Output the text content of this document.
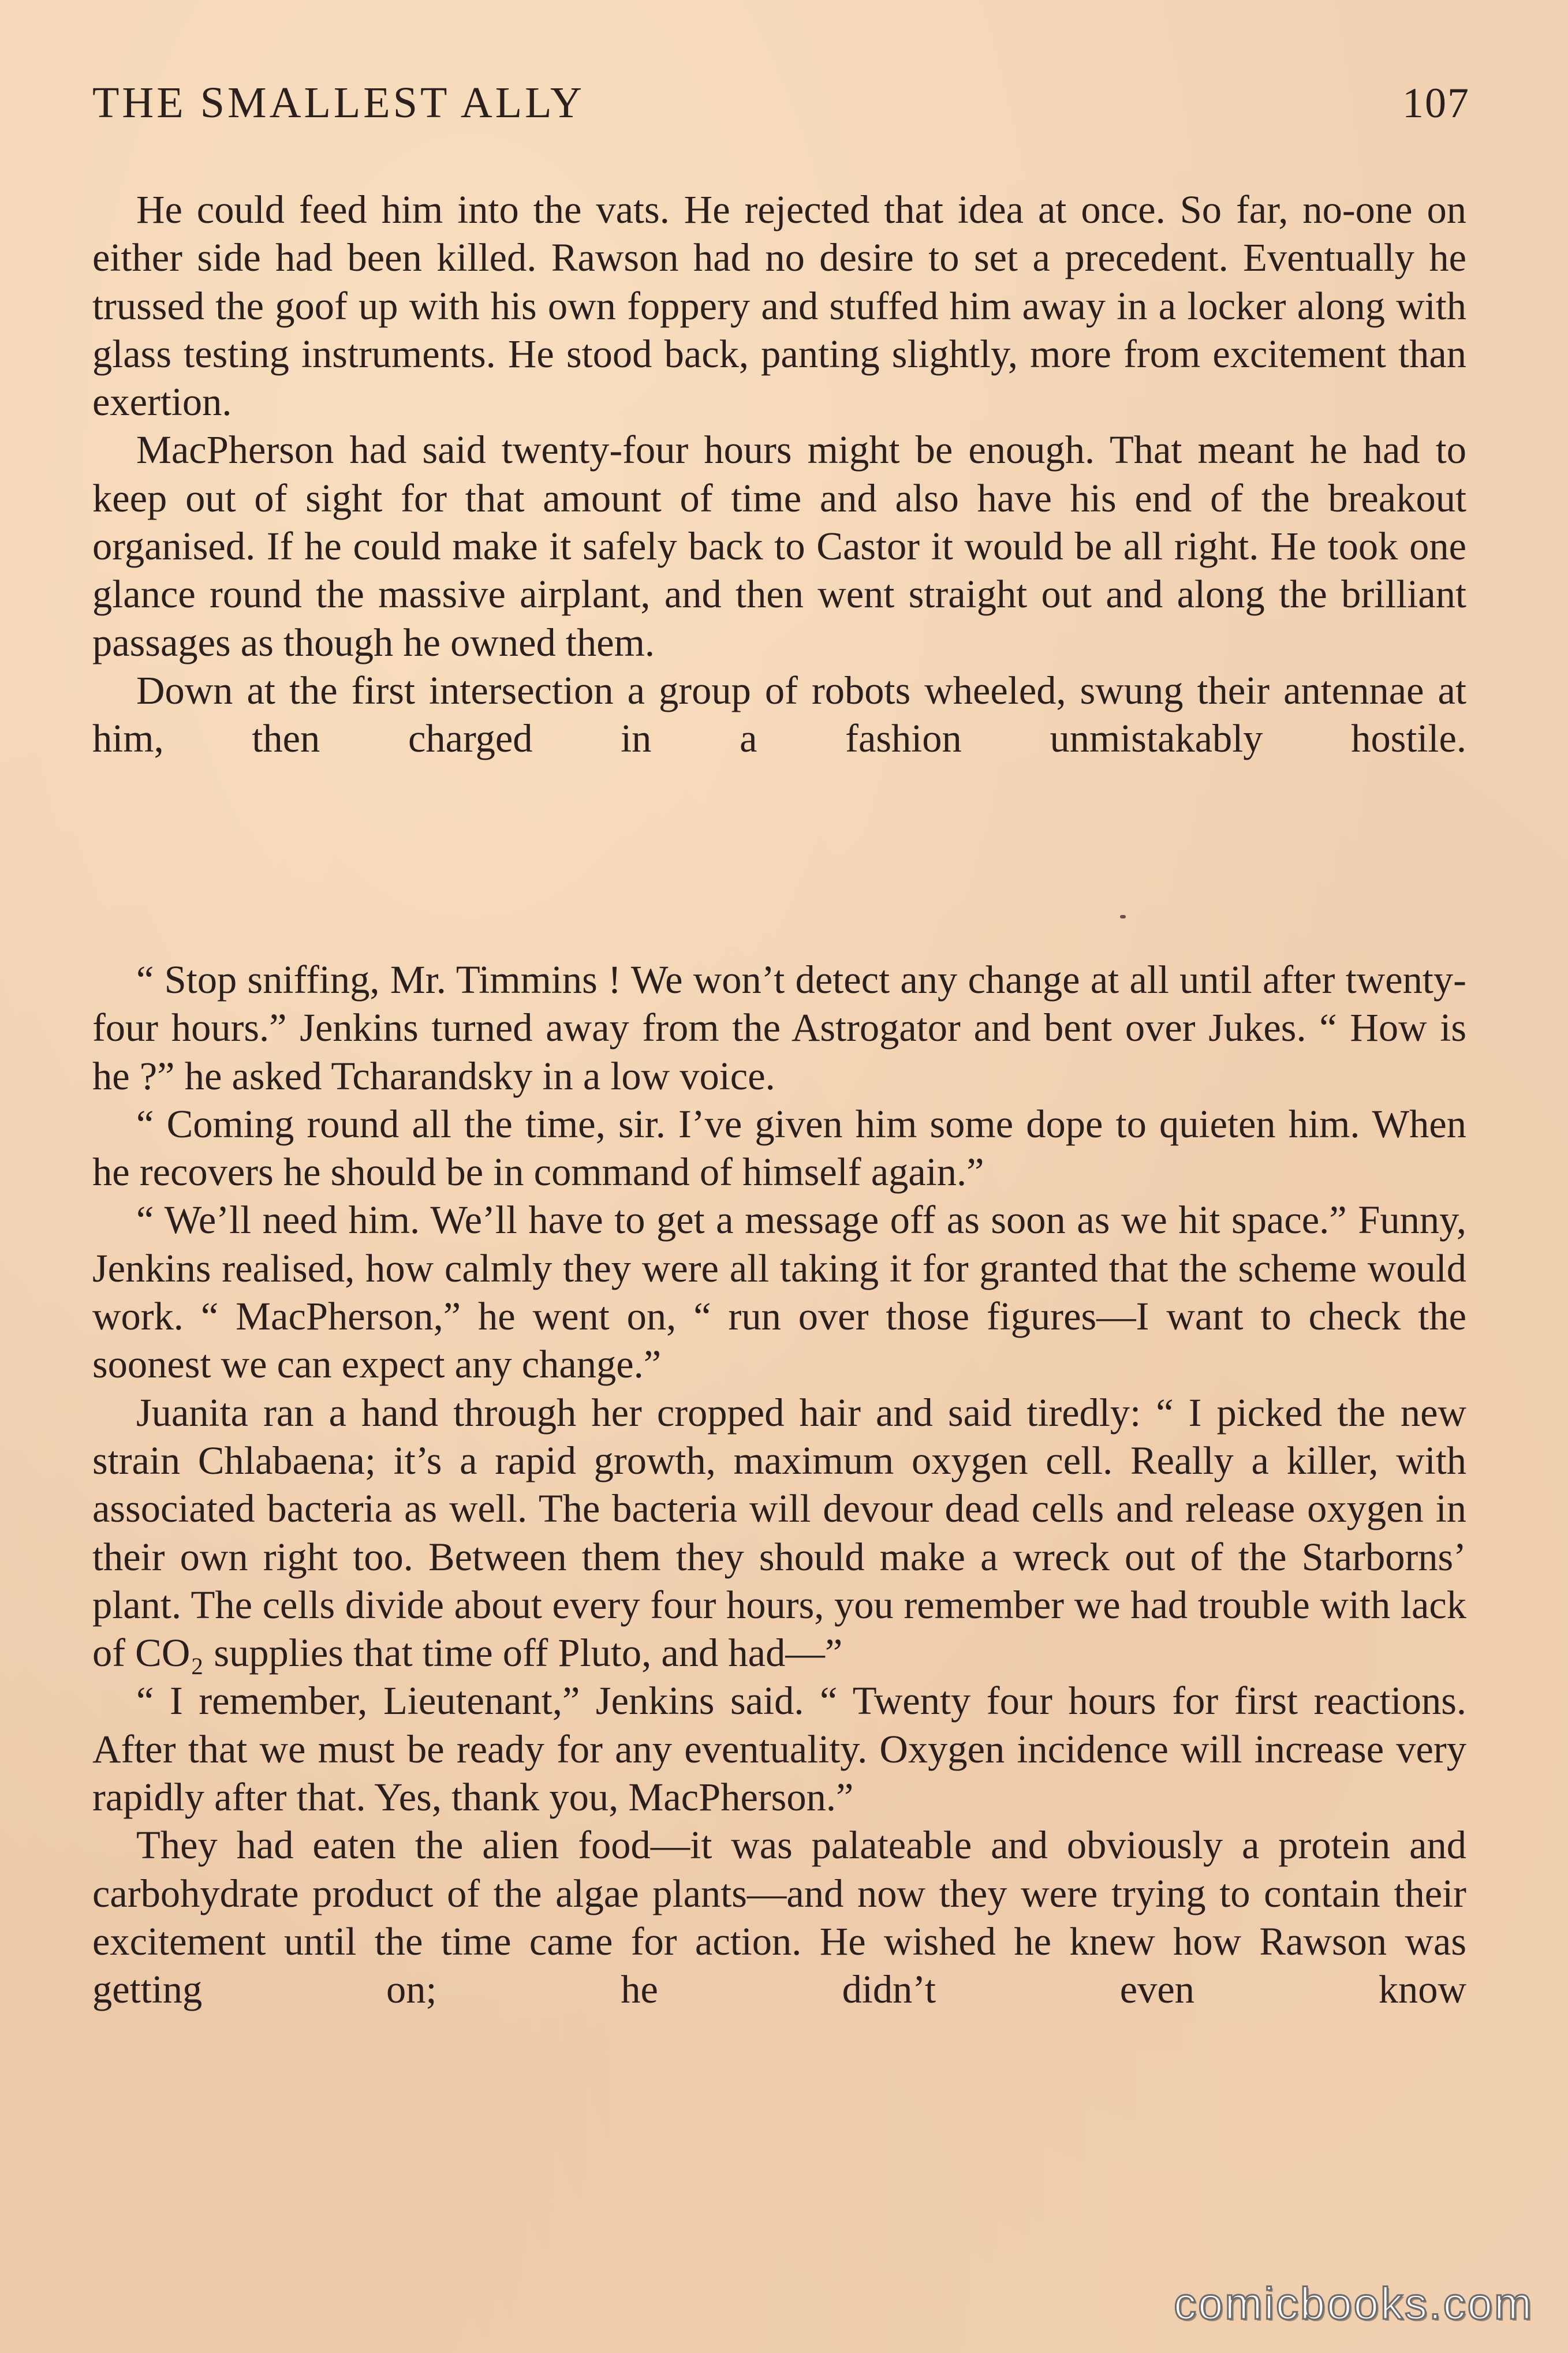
THE SMALLEST ALLY	107

He could feed him into the vats. He rejected that idea at once. So far, no-one on either side had been killed. Rawson had no desire to set a precedent. Eventually he trussed the goof up with his own foppery and stuffed him away in a locker along with glass testing instruments. He stood back, panting slightly, more from excitement than exertion.

MacPherson had said twenty-four hours might be enough. That meant he had to keep out of sight for that amount of time and also have his end of the breakout organised. If he could make it safely back to Castor it would be all right. He took one glance round the massive airplant, and then went straight out and along the brilliant passages as though he owned them.

Down at the first intersection a group of robots wheeled, swung their antennae at him, then charged in a fashion unmistakably hostile.

“ Stop sniffing, Mr. Timmins ! We won’t detect any change at all until after twenty-four hours.” Jenkins turned away from the Astrogator and bent over Jukes. “ How is he ?” he asked Tcharandsky in a low voice.

“ Coming round all the time, sir. I’ve given him some dope to quieten him. When he recovers he should be in command of himself again.”

“ We’ll need him. We’ll have to get a message off as soon as we hit space.” Funny, Jenkins realised, how calmly they were all taking it for granted that the scheme would work. “ MacPherson,” he went on, “ run over those figures—I want to check the soonest we can expect any change.”

Juanita ran a hand through her cropped hair and said tiredly: “ I picked the new strain Chlabaena; it’s a rapid growth, maximum oxygen cell. Really a killer, with associated bacteria as well. The bacteria will devour dead cells and release oxygen in their own right too. Between them they should make a wreck out of the Starborns’ plant. The cells divide about every four hours, you remember we had trouble with lack of CO₂ supplies that time off Pluto, and had—”

“ I remember, Lieutenant,” Jenkins said. “ Twenty four hours for first reactions. After that we must be ready for any eventuality. Oxygen incidence will increase very rapidly after that. Yes, thank you, MacPherson.”

They had eaten the alien food—it was palateable and obviously a protein and carbohydrate product of the algae plants—and now they were trying to contain their excitement until the time came for action. He wished he knew how Rawson was getting on; he didn’t even know

comicbooks.com
